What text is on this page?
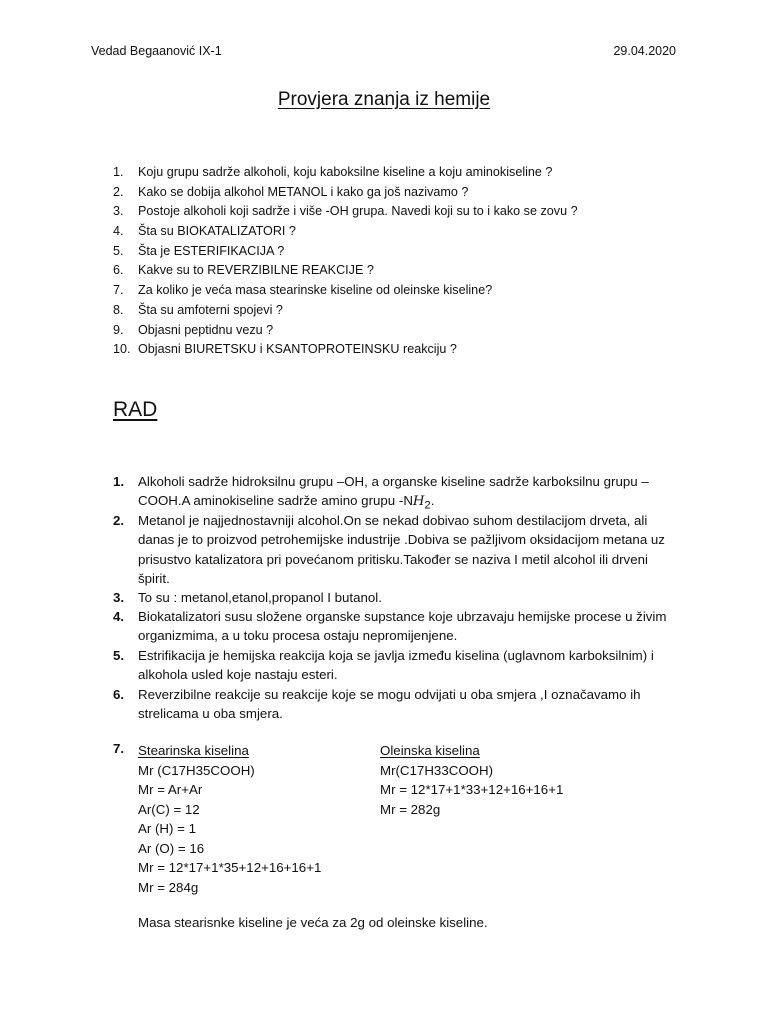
Vedad Begaanović IX-1	29.04.2020
Provjera znanja iz hemije
1.	Koju grupu sadrže alkoholi, koju kaboksilne kiseline a koju aminokiseline ?
2.	Kako se dobija alkohol METANOL i kako ga još nazivamo ?
3.	Postoje alkoholi koji sadrže i više -OH grupa. Navedi koji su to i kako se zovu ?
4.	Šta su BIOKATALIZATORI ?
5.	Šta je ESTERIFIKACIJA ?
6.	Kakve su to REVERZIBILNE REAKCIJE ?
7.	Za koliko je veća masa stearinske kiseline od oleinske kiseline?
8.	Šta su amfoterni spojevi ?
9.	Objasni peptidnu vezu ?
10. Objasni BIURETSKU i KSANTOPROTEINSKU reakciju ?
RAD
1. Alkoholi sadrže hidroksilnu grupu –OH, a organske kiseline sadrže karboksilnu grupu –COOH.A aminokiseline sadrže amino grupu $-NH_2$.
2. Metanol je najjednostavniji alcohol.On se nekad dobivao suhom destilacijom drveta, ali danas je to proizvod petrohemijske industrije .Dobiva se pažljivom oksidacijom metana uz prisustvo katalizatora pri povećanom pritisku.Također se naziva I metil alcohol ili drveni špirit.
3. To su : metanol,etanol,propanol I butanol.
4. Biokatalizatori susu složene organske supstance koje ubrzavaju hemijske procese u živim organizmima, a u toku procesa ostaju nepromijenjene.
5. Estrifikacija je hemijska reakcija koja se javlja između kiselina (uglavnom karboksilnim) i alkohola usled koje nastaju esteri.
6. Reverzibilne reakcije su reakcije koje se mogu odvijati u oba smjera ,I označavamo ih strelicama u oba smjera.
7. Stearinska kiselina
Mr (C17H35COOH)
Mr = Ar+Ar
Ar(C) = 12
Ar (H) = 1
Ar (O) = 16
Mr = 12*17+1*35+12+16+16+1
Mr = 284g
Oleinska kiselina
Mr(C17H33COOH)
Mr = 12*17+1*33+12+16+16+1
Mr = 282g
Masa stearisnke kiseline je veća za 2g od oleinske kiseline.
